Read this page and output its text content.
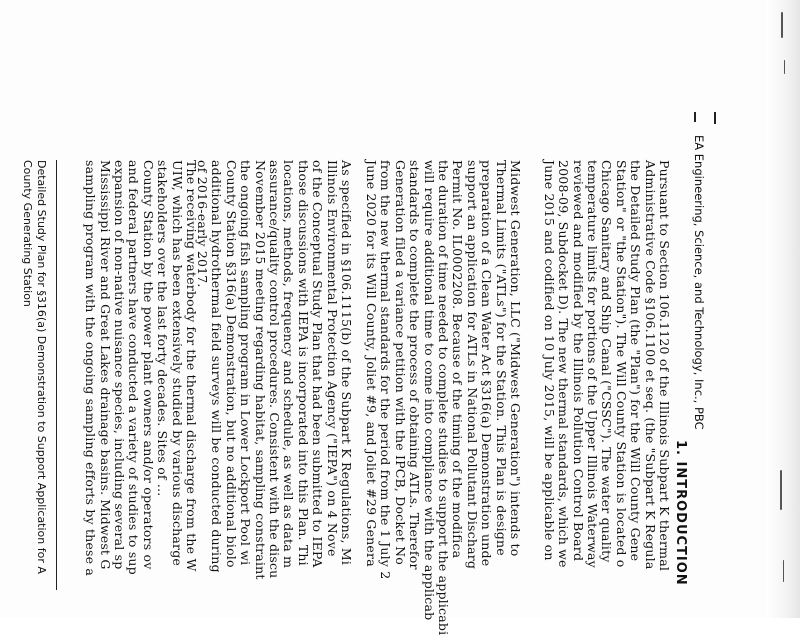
EA Engineering, Science, and Technology, Inc., PBC
1. INTRODUCTION
Pursuant to Section 106.1120 of the Illinois Subpart K thermal
Administrative Code §106.1100 et seq. (the "Subpart K Regula
the Detailed Study Plan (the "Plan") for the Will County Gene
Station" or "the Station"). The Will County Station is located o
Chicago Sanitary and Ship Canal ("CSSC"). The water quality
temperature limits for portions of the Upper Illinois Waterway
reviewed and modified by the Illinois Pollution Control Board
2008-09, Subdocket D). The new thermal standards, which we
June 2015 and codified on 10 July 2015, will be applicable on
Midwest Generation, LLC ("Midwest Generation") intends to
Thermal Limits ("ATLs") for the Station. This Plan is designe
preparation of a Clean Water Act §316(a) Demonstration unde
support an application for ATLs in National Pollutant Discharg
Permit No. IL0002208. Because of the timing of the modifica
the duration of time needed to complete studies to support the applicabi
will require additional time to come into compliance with the applicab
standards to complete the process of obtaining ATLs. Therefor
Generation filed a variance petition with the IPCB, Docket No
from the new thermal standards for the period from the 1 July 2
June 2020 for its Will County, Joliet #9, and Joliet #29 Genera
As specified in §106.1115(b) of the Subpart K Regulations, Mi
Illinois Environmental Protection Agency ("IEPA") on 4 Nove
of the Conceptual Study Plan that had been submitted to IEPA
those discussions with IEPA is incorporated into this Plan. Thi
locations, methods, frequency and schedule, as well as data m
assurance/quality control procedures. Consistent with the discu
November 2015 meeting regarding habitat, sampling constraint
the ongoing fish sampling program in Lower Lockport Pool wi
County Station §316(a) Demonstration, but no additional biolo
additional hydrothermal field surveys will be conducted during
of 2016-early 2017.
The receiving waterbody for the thermal discharge from the W
UIW, which has been extensively studied by various discharge
stakeholders over the last forty decades. Sites of ...
County Station by the power plant owners and/or operators ov
and federal partners have conducted a variety of studies to sup
expansion of non-native nuisance species, including several sp
Mississippi River and Great Lakes drainage basins. Midwest G
sampling program with the ongoing sampling efforts by these a
Detailed Study Plan for §316(a) Demonstration to Support Application for A
County Generating Station
